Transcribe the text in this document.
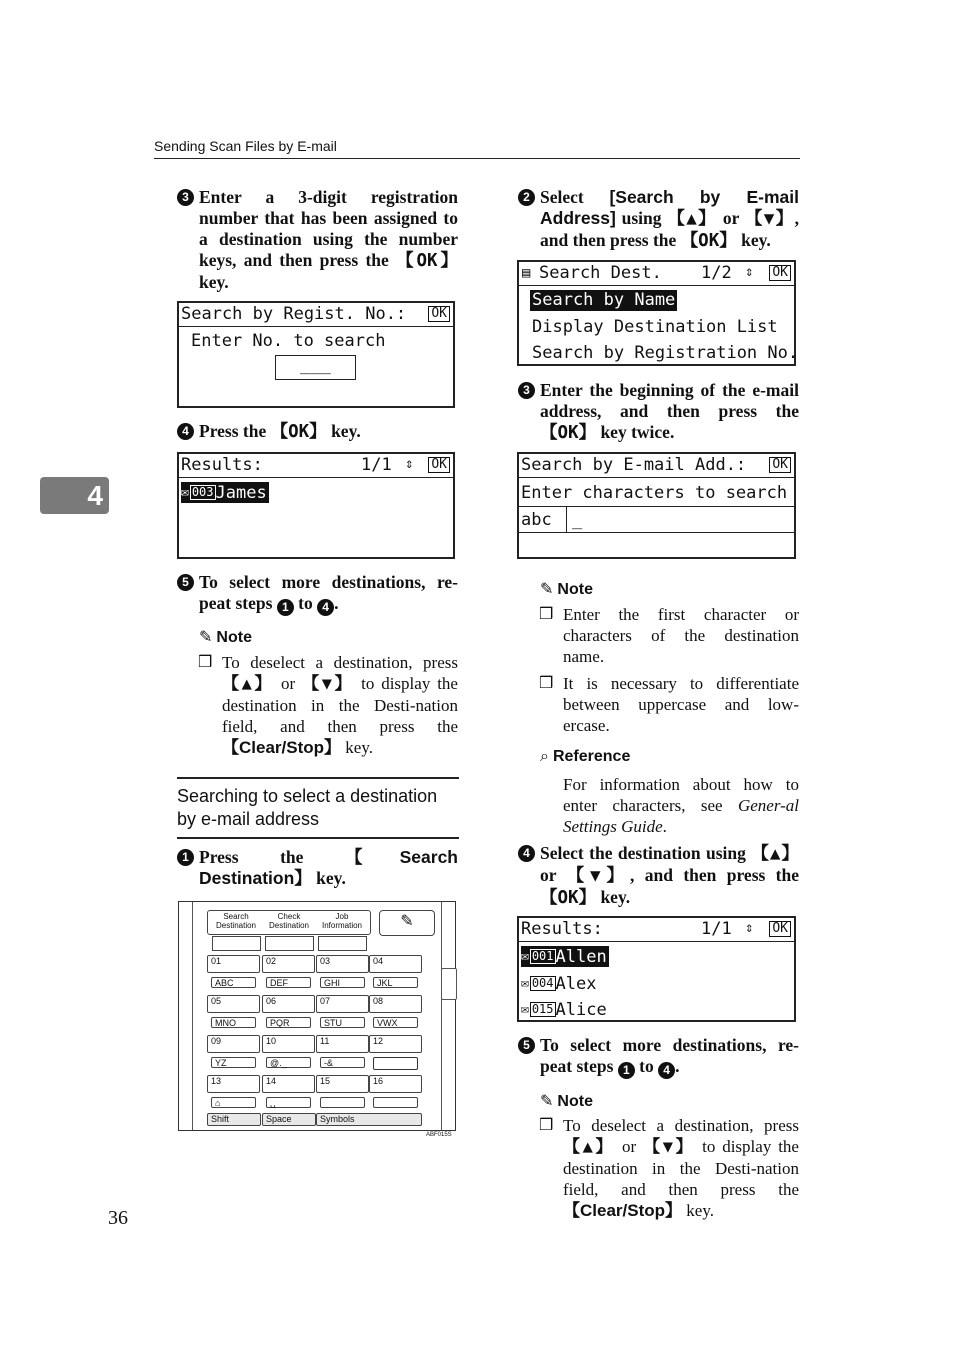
Sending Scan Files by E-mail
4
3 Enter a 3-digit registration number that has been assigned to a destination using the number keys, and then press the 【OK】 key.
Search by Regist. No.:	OK
Enter No. to search
___
4 Press the 【OK】 key.
Results:	1/1 ⇕ OK
✉ 003 James
5 To select more destinations, re-peat steps 1 to 4 .
✎ Note
❒ To deselect a destination, press 【▲】 or 【▼】 to display the destination in the Desti-nation field, and then press the 【Clear/Stop】 key.
Searching to select a destination by e-mail address
1 Press the 【Search Destination】 key.
Search
Destination
Check
Destination
Job
Information	✎
01
ABC
02
DEF
03
GHI
04
JKL
05
MNO
06
PQR
07
STU
08
VWX
09
YZ
10
@._
11
-&
12
13	14	15	16
⌂	␣
Shift	Space	Symbols
ABF015S
36
2 Select [Search by E-mail Address] using 【▲】 or 【▼】, and then press the 【OK】 key.
▤ Search Dest.	1/2 ⇕ OK
Search by Name
Display Destination List
Search by Registration No.
3 Enter the beginning of the e-mail address, and then press the 【OK】 key twice.
Search by E-mail Add.:	OK
Enter characters to search
abc	_
✎ Note
❒ Enter the first character or characters of the destination name.
❒ It is necessary to differentiate between uppercase and low-ercase.
⌕ Reference
For information about how to enter characters, see Gener-al Settings Guide.
4 Select the destination using 【▲】 or 【▼】, and then press the 【OK】 key.
Results:	1/1 ⇕ OK
✉ 001 Allen
✉ 004 Alex
✉ 015 Alice
5 To select more destinations, re-peat steps 1 to 4 .
✎ Note
❒ To deselect a destination, press 【▲】 or 【▼】 to display the destination in the Desti-nation field, and then press the 【Clear/Stop】 key.
